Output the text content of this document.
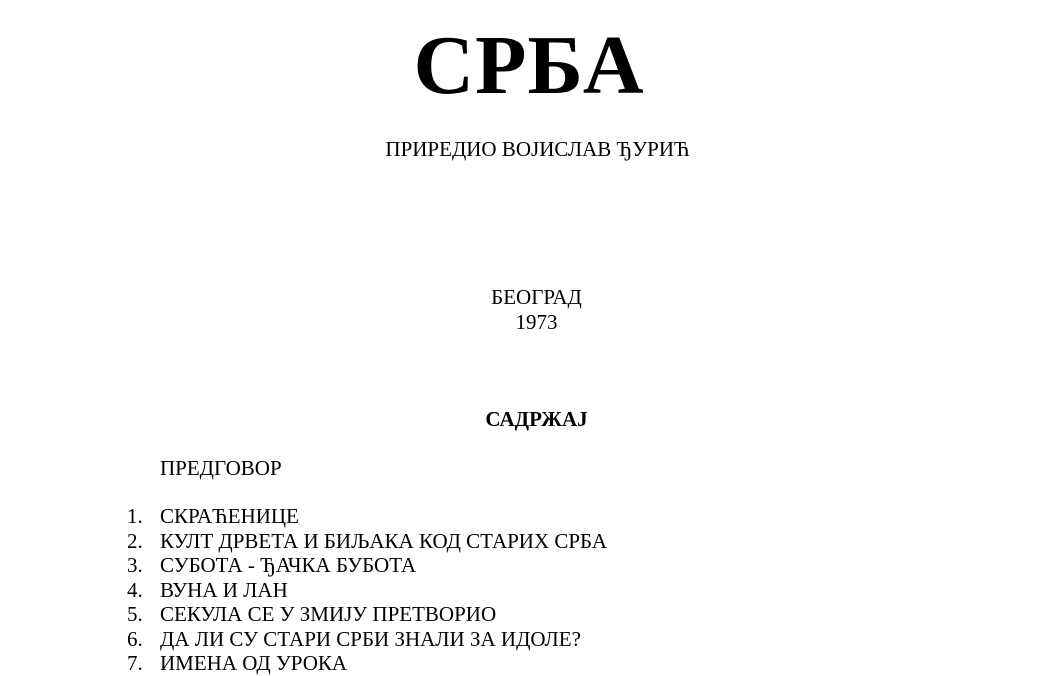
СРБА
ПРИРЕДИО ВОЈИСЛАВ ЂУРИЋ
БЕОГРАД
1973
САДРЖАЈ
ПРЕДГОВОР
1. СКРАЋЕНИЦЕ
2. КУЛТ ДРВЕТА И БИЉАКА КОД СТАРИХ СРБА
3. СУБОТА - ЂАЧКА БУБОТА
4. ВУНА И ЛАН
5. СЕКУЛА СЕ У ЗМИЈУ ПРЕТВОРИО
6. ДА ЛИ СУ СТАРИ СРБИ ЗНАЛИ ЗА ИДОЛЕ?
7. ИМЕНА ОД УРОКА
